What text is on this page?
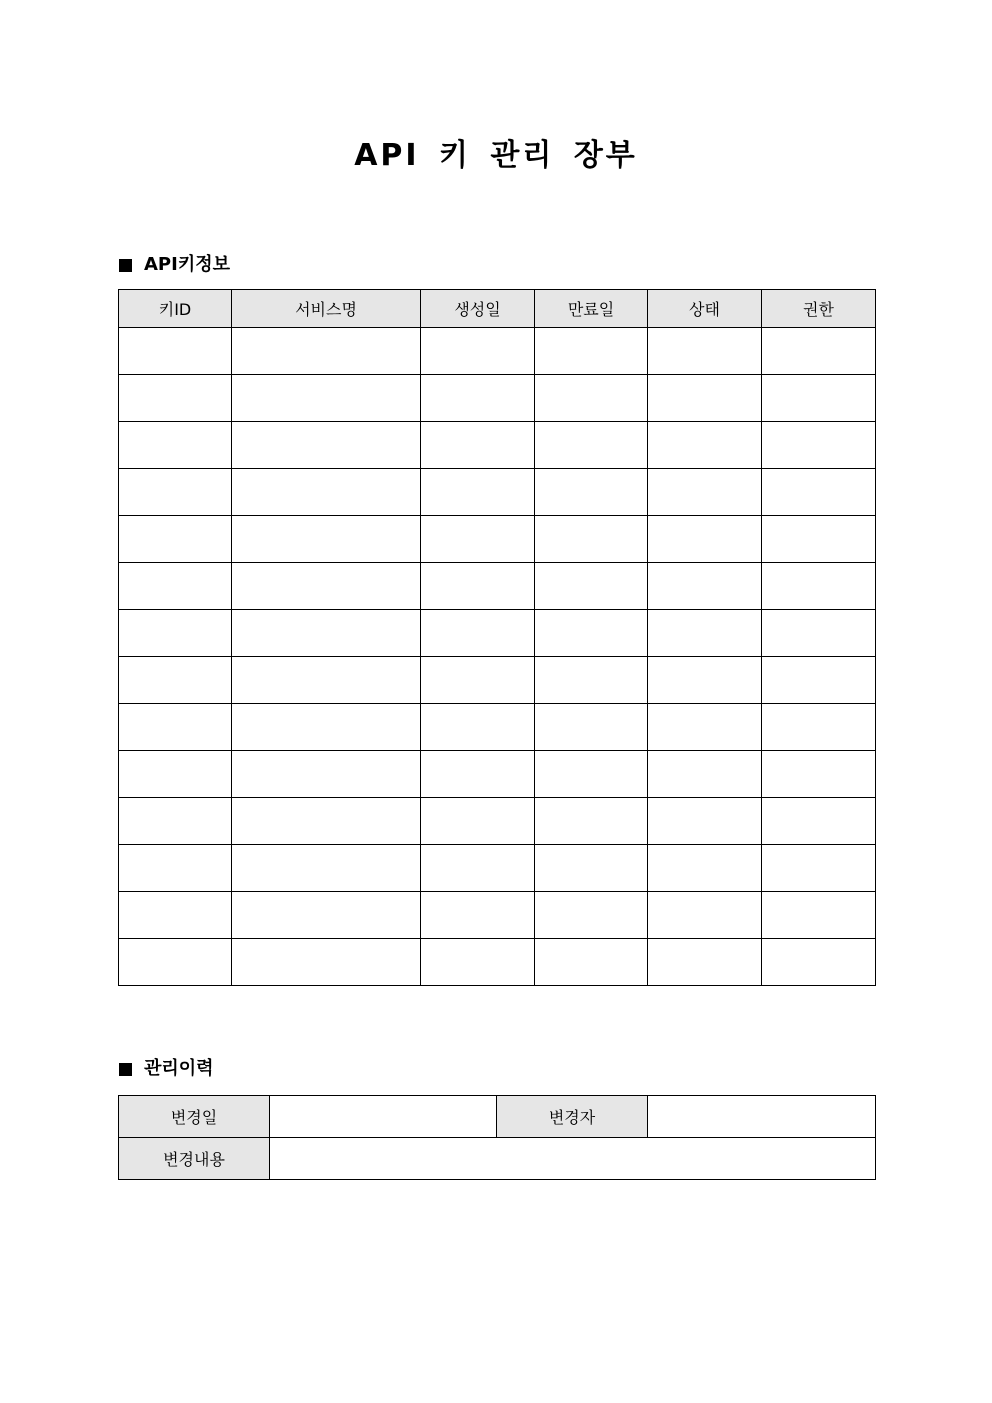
API 키 관리 장부
API키정보
키ID	서비스명	생성일	만료일	상태	권한

관리이력
변경일		변경자	
변경내용			
